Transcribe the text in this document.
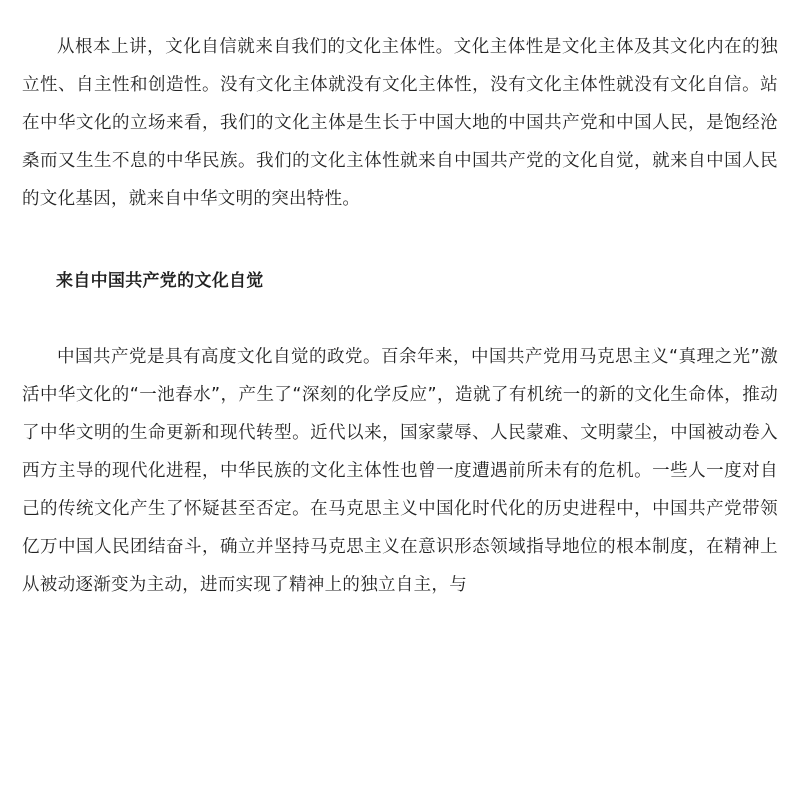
从根本上讲，文化自信就来自我们的文化主体性。文化主体性是文化主体及其文化内在的独立性、自主性和创造性。没有文化主体就没有文化主体性，没有文化主体性就没有文化自信。站在中华文化的立场来看，我们的文化主体是生长于中国大地的中国共产党和中国人民，是饱经沧桑而又生生不息的中华民族。我们的文化主体性就来自中国共产党的文化自觉，就来自中国人民的文化基因，就来自中华文明的突出特性。

来自中国共产党的文化自觉

中国共产党是具有高度文化自觉的政党。百余年来，中国共产党用马克思主义“真理之光”激活中华文化的“一池春水”，产生了“深刻的化学反应”，造就了有机统一的新的文化生命体，推动了中华文明的生命更新和现代转型。近代以来，国家蒙辱、人民蒙难、文明蒙尘，中国被动卷入西方主导的现代化进程，中华民族的文化主体性也曾一度遭遇前所未有的危机。一些人一度对自己的传统文化产生了怀疑甚至否定。在马克思主义中国化时代化的历史进程中，中国共产党带领亿万中国人民团结奋斗，确立并坚持马克思主义在意识形态领域指导地位的根本制度，在精神上从被动逐渐变为主动，进而实现了精神上的独立自主，与
